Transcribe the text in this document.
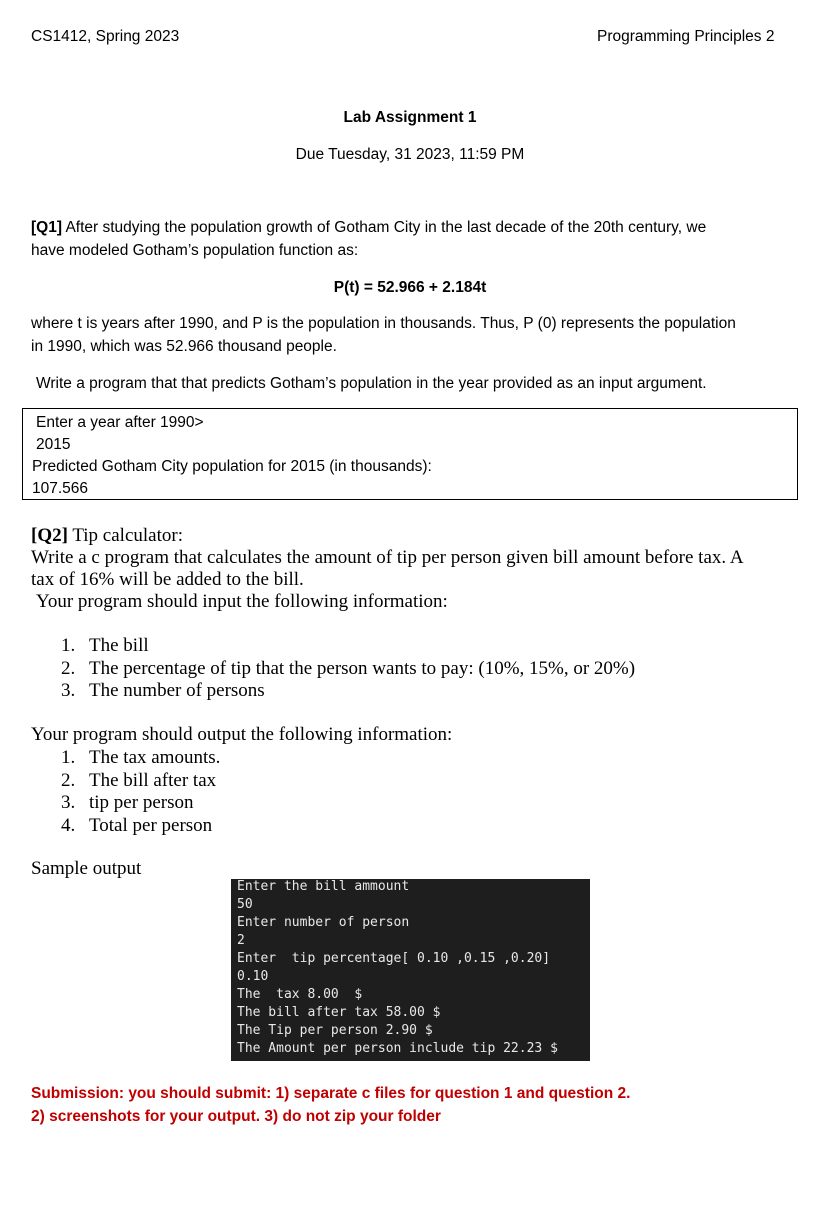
CS1412, Spring 2023	Programming Principles 2
Lab Assignment 1
Due Tuesday, 31 2023, 11:59 PM
[Q1] After studying the population growth of Gotham City in the last decade of the 20th century, we
have modeled Gotham’s population function as:
P(t) = 52.966 + 2.184t
where t is years after 1990, and P is the population in thousands. Thus, P (0) represents the population
in 1990, which was 52.966 thousand people.
Write a program that that predicts Gotham’s population in the year provided as an input argument.
Enter a year after 1990>
2015
Predicted Gotham City population for 2015 (in thousands):
107.566
[Q2] Tip calculator:
Write a c program that calculates the amount of tip per person given bill amount before tax. A
tax of 16% will be added to the bill.
Your program should input the following information:
1. The bill
2. The percentage of tip that the person wants to pay: (10%, 15%, or 20%)
3. The number of persons
Your program should output the following information:
1. The tax amounts.
2. The bill after tax
3. tip per person
4. Total per person
Sample output
Enter the bill ammount
50
Enter number of person
2
Enter  tip percentage[ 0.10 ,0.15 ,0.20]
0.10
The  tax 8.00  $
The bill after tax 58.00 $
The Tip per person 2.90 $
The Amount per person include tip 22.23 $
Submission: you should submit: 1) separate c files for question 1 and question 2.
2) screenshots for your output. 3) do not zip your folder
